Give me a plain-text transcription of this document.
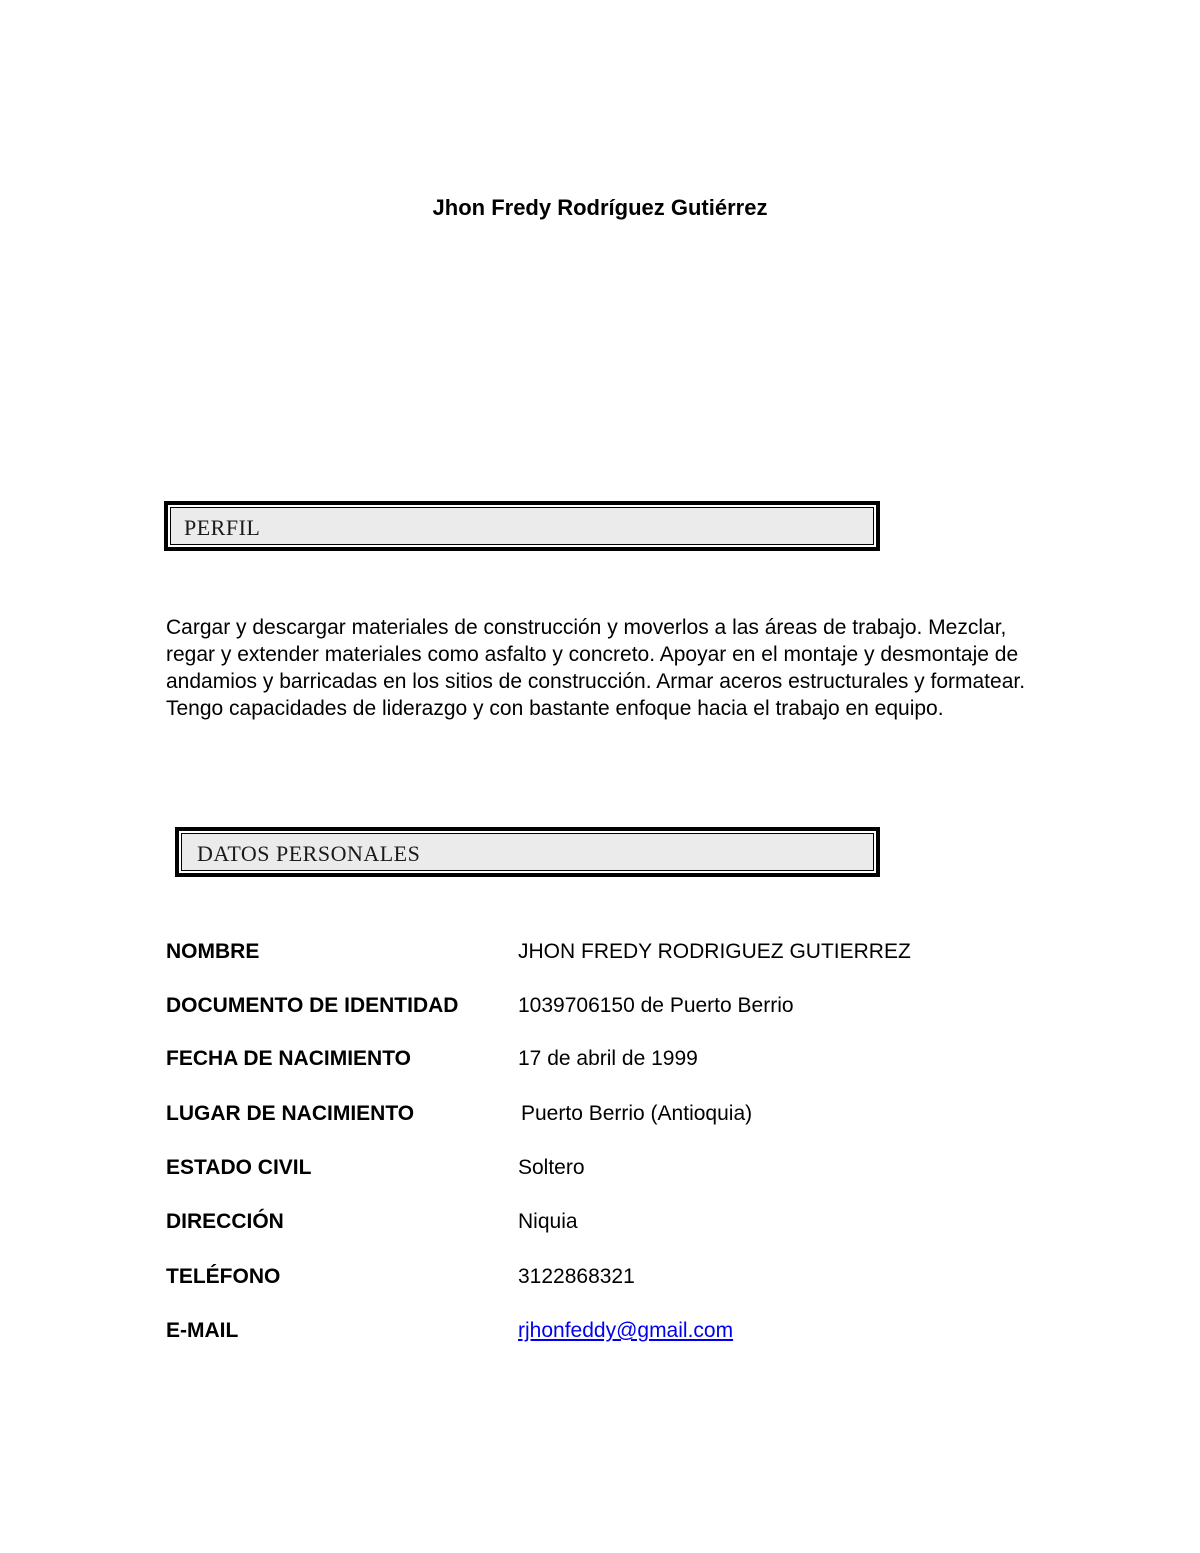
Jhon Fredy Rodríguez Gutiérrez
PERFIL

Cargar y descargar materiales de construcción y moverlos a las áreas de trabajo. Mezclar, regar y extender materiales como asfalto y concreto. Apoyar en el montaje y desmontaje de andamios y barricadas en los sitios de construcción. Armar aceros estructurales y formatear. Tengo capacidades de liderazgo y con bastante enfoque hacia el trabajo en equipo.

DATOS PERSONALES
NOMBRE	JHON FREDY RODRIGUEZ GUTIERREZ
DOCUMENTO DE IDENTIDAD	1039706150 de Puerto Berrio
FECHA DE NACIMIENTO	17 de abril de 1999
LUGAR DE NACIMIENTO	Puerto Berrio (Antioquia)
ESTADO CIVIL	Soltero
DIRECCIÓN	Niquia
TELÉFONO	3122868321
E-MAIL	rjhonfeddy@gmail.com
